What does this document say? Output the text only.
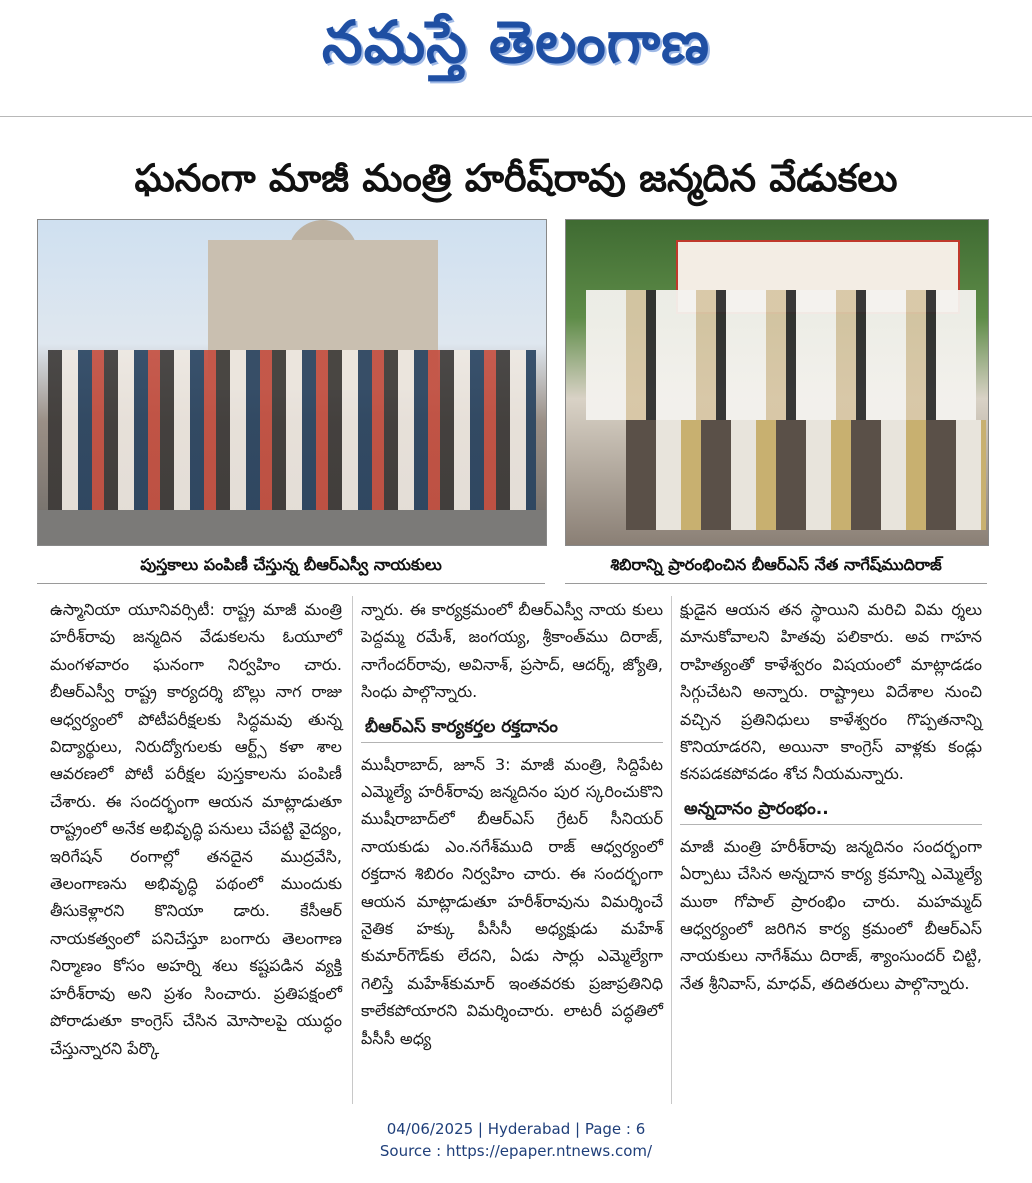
నమస్తే తెలంగాణ
ఘనంగా మాజీ మంత్రి హరీష్‌రావు జన్మదిన వేడుకలు
పుస్తకాలు పంపిణీ చేస్తున్న బీఆర్‌ఎస్వీ నాయకులు	శిబిరాన్ని ప్రారంభించిన బీఆర్‌ఎస్ నేత నాగేష్‌ముదిరాజ్

ఉస్మానియా యూనివర్సిటీ: రాష్ట్ర మాజీ మంత్రి హరీశ్‌రావు జన్మదిన వేడుకలను ఓయూలో మంగళవారం ఘనంగా నిర్వహిం చారు. బీఆర్‌ఎస్వీ రాష్ట్ర కార్యదర్శి బొల్లు నాగ రాజు ఆధ్వర్యంలో పోటీపరీక్షలకు సిద్ధమవు తున్న విద్యార్థులు, నిరుద్యోగులకు ఆర్ట్స్ కళా శాల ఆవరణలో పోటీ పరీక్షల పుస్తకాలను పంపిణీ చేశారు. ఈ సందర్భంగా ఆయన మాట్లాడుతూ రాష్ట్రంలో అనేక అభివృద్ధి పనులు చేపట్టి వైద్యం, ఇరిగేషన్ రంగాల్లో తనదైన ముద్రవేసి, తెలంగాణను అభివృద్ధి పథంలో ముందుకు తీసుకెళ్లారని కొనియా డారు. కేసీఆర్ నాయకత్వంలో పనిచేస్తూ బంగారు తెలంగాణ నిర్మాణం కోసం అహర్ని శలు కష్టపడిన వ్యక్తి హరీశ్‌రావు అని ప్రశం సించారు. ప్రతిపక్షంలో పోరాడుతూ కాంగ్రెస్ చేసిన మోసాలపై యుద్ధం చేస్తున్నారని పేర్కొ

న్నారు. ఈ కార్యక్రమంలో బీఆర్‌ఎస్వీ నాయ కులు పెద్దమ్మ రమేశ్, జంగయ్య, శ్రీకాంత్‌ము దిరాజ్, నాగేందర్‌రావు, అవినాశ్, ప్రసాద్, ఆదర్శ్, జ్యోతి, సింధు పాల్గొన్నారు.

బీఆర్‌ఎస్ కార్యకర్తల రక్తదానం

ముషీరాబాద్, జూన్ 3: మాజీ మంత్రి, సిద్దిపేట ఎమ్మెల్యే హరీశ్‌రావు జన్మదినం పుర స్కరించుకొని ముషీరాబాద్‌లో బీఆర్‌ఎస్ గ్రేటర్ సీనియర్ నాయకుడు ఎం.నగేశ్‌ముది రాజ్ ఆధ్వర్యంలో రక్తదాన శిబిరం నిర్వహిం చారు. ఈ సందర్భంగా ఆయన మాట్లాడుతూ హరీశ్‌రావును విమర్శించే నైతిక హక్కు పీసీసీ అధ్యక్షుడు మహేశ్ కుమార్‌గౌడ్‌కు లేదని, ఏడు సార్లు ఎమ్మెల్యేగా గెలిస్తే మహేశ్‌కుమార్ ఇంతవరకు ప్రజాప్రతినిధి కాలేకపోయారని విమర్శించారు. లాటరీ పద్ధతిలో పీసీసీ అధ్య

క్షుడైన ఆయన తన స్థాయిని మరిచి విమ ర్శలు మానుకోవాలని హితవు పలికారు. అవ గాహన రాహిత్యంతో కాళేశ్వరం విషయంలో మాట్లాడడం సిగ్గుచేటని అన్నారు. రాష్ట్రాలు విదేశాల నుంచి వచ్చిన ప్రతినిధులు కాళేశ్వరం గొప్పతనాన్ని కొనియాడరని, అయినా కాంగ్రెస్ వాళ్లకు కండ్లు కనపడకపోవడం శోచ నీయమన్నారు.

అన్నదానం ప్రారంభం..

మాజీ మంత్రి హరీశ్‌రావు జన్మదినం సందర్భంగా ఏర్పాటు చేసిన అన్నదాన కార్య క్రమాన్ని ఎమ్మెల్యే ముఠా గోపాల్ ప్రారంభిం చారు. మహమ్మద్ ఆధ్వర్యంలో జరిగిన కార్య క్రమంలో బీఆర్‌ఎస్ నాయకులు నాగేశ్‌ము దిరాజ్, శ్యాంసుందర్ చిట్టి, నేత శ్రీనివాస్, మాధవ్, తదితరులు పాల్గొన్నారు.

04/06/2025 | Hyderabad | Page : 6
Source : https://epaper.ntnews.com/
